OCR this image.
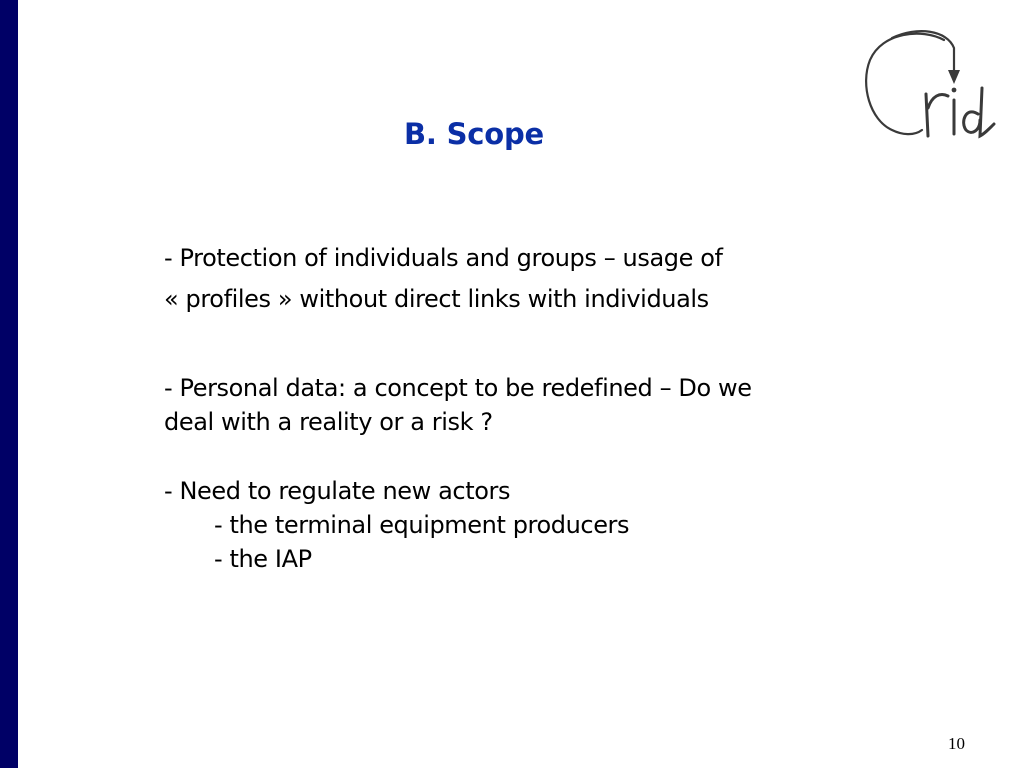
B. Scope
- Protection of individuals and groups – usage of
« profiles » without direct links with individuals
- Personal data: a concept to be redefined – Do we
deal with a reality or a risk ?
- Need to regulate new actors
- the terminal equipment producers
- the IAP
10
